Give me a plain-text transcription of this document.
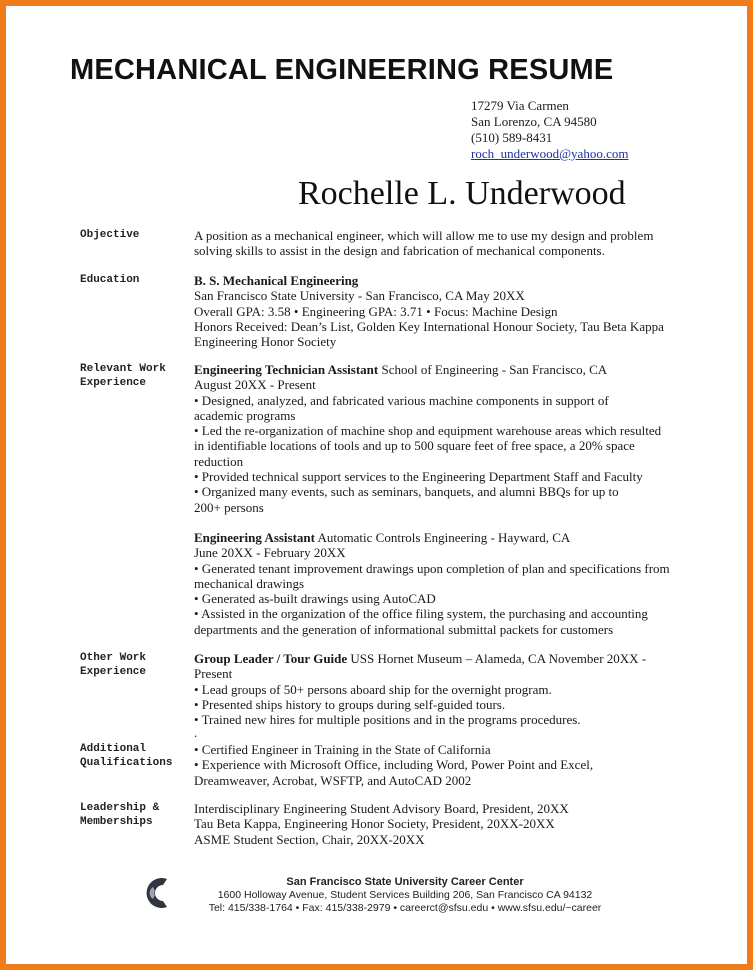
MECHANICAL ENGINEERING RESUME
17279 Via Carmen
San Lorenzo, CA 94580
(510) 589-8431
roch_underwood@yahoo.com
Rochelle L. Underwood
Objective	A position as a mechanical engineer, which will allow me to use my design and problem
solving skills to assist in the design and fabrication of mechanical components.
Education	B. S. Mechanical Engineering
San Francisco State University - San Francisco, CA May 20XX
Overall GPA: 3.58 • Engineering GPA: 3.71 • Focus: Machine Design
Honors Received: Dean’s List, Golden Key International Honour Society, Tau Beta Kappa
Engineering Honor Society
Relevant Work
Experience
Engineering Technician Assistant School of Engineering - San Francisco, CA
August 20XX - Present
• Designed, analyzed, and fabricated various machine components in support of
academic programs
• Led the re-organization of machine shop and equipment warehouse areas which resulted
in identifiable locations of tools and up to 500 square feet of free space, a 20% space
reduction
• Provided technical support services to the Engineering Department Staff and Faculty
• Organized many events, such as seminars, banquets, and alumni BBQs for up to
200+ persons
Engineering Assistant Automatic Controls Engineering - Hayward, CA
June 20XX - February 20XX
• Generated tenant improvement drawings upon completion of plan and specifications from
mechanical drawings
• Generated as-built drawings using AutoCAD
• Assisted in the organization of the office filing system, the purchasing and accounting
departments and the generation of informational submittal packets for customers
Other Work
Experience
Group Leader / Tour Guide USS Hornet Museum – Alameda, CA November 20XX -
Present
• Lead groups of 50+ persons aboard ship for the overnight program.
• Presented ships history to groups during self-guided tours.
• Trained new hires for multiple positions and in the programs procedures.
.
Additional
Qualifications
• Certified Engineer in Training in the State of California
• Experience with Microsoft Office, including Word, Power Point and Excel,
Dreamweaver, Acrobat, WSFTP, and AutoCAD 2002
Leadership &
Memberships
Interdisciplinary Engineering Student Advisory Board, President, 20XX
Tau Beta Kappa, Engineering Honor Society, President, 20XX-20XX
ASME Student Section, Chair, 20XX-20XX
San Francisco State University Career Center
1600 Holloway Avenue, Student Services Building 206, San Francisco CA 94132
Tel: 415/338-1764 • Fax: 415/338-2979 • careerct@sfsu.edu • www.sfsu.edu/~career
